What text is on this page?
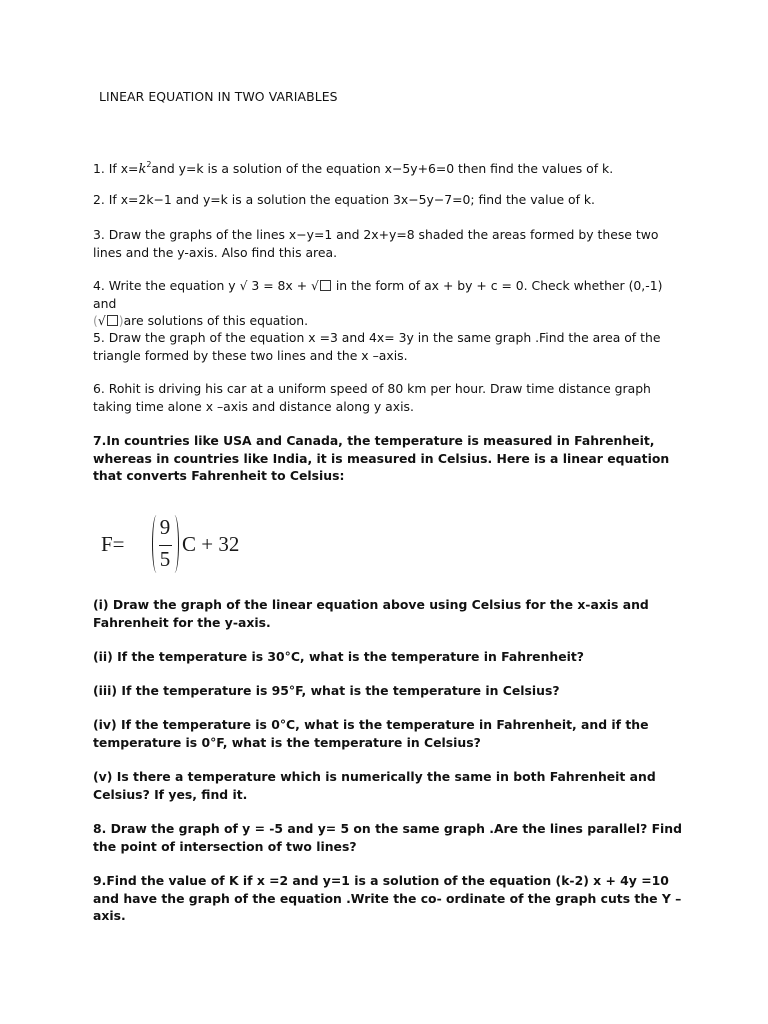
LINEAR EQUATION IN TWO VARIABLES
1. If $x=k^2and$ y=k is a solution of the equation x−5y+6=0 then find the values of k.
2. If x=2k−1 and y=k is a solution the equation 3x−5y−7=0; find the value of k.
3. Draw the graphs of the lines x−y=1 and 2x+y=8 shaded the areas formed by these two lines and the y-axis. Also find this area.
4. Write the equation y √ 3 = 8x + √ in the form of ax + by + c = 0. Check whether (0,-1) and
(√ )are solutions of this equation.
5. Draw the graph of the equation x =3 and 4x= 3y in the same graph .Find the area of the triangle formed by these two lines and the x –axis.
6. Rohit is driving his car at a uniform speed of 80 km per hour. Draw time distance graph taking time alone x –axis and distance along y axis.
7.In countries like USA and Canada, the temperature is measured in Fahrenheit, whereas in countries like India, it is measured in Celsius. Here is a linear equation that converts Fahrenheit to Celsius:
F=
9
5
C + 32
(i) Draw the graph of the linear equation above using Celsius for the x-axis and Fahrenheit for the y-axis.
(ii) If the temperature is 30°C, what is the temperature in Fahrenheit?
(iii) If the temperature is 95°F, what is the temperature in Celsius?
(iv) If the temperature is 0°C, what is the temperature in Fahrenheit, and if the temperature is 0°F, what is the temperature in Celsius?
(v) Is there a temperature which is numerically the same in both Fahrenheit and Celsius? If yes, find it.
8. Draw the graph of y = -5 and y= 5 on the same graph .Are the lines parallel? Find the point of intersection of two lines?
9.Find the value of K if x =2 and y=1 is a solution of the equation (k-2) x + 4y =10 and have the graph of the equation .Write the co- ordinate of the graph cuts the Y –axis.
